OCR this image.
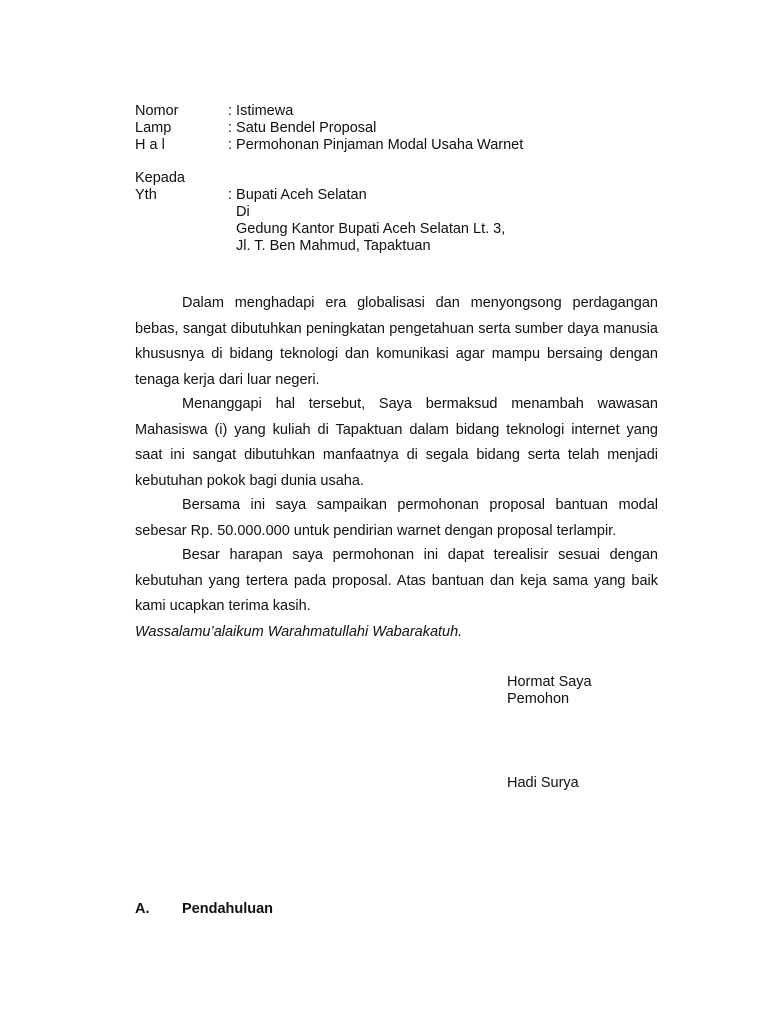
Nomor	: Istimewa
Lamp	: Satu Bendel Proposal
H a l	: Permohonan Pinjaman Modal Usaha Warnet
Kepada
Yth	: Bupati Aceh Selatan
Di
Gedung Kantor Bupati Aceh Selatan Lt. 3,
Jl. T. Ben Mahmud, Tapaktuan

Dalam menghadapi era globalisasi dan menyongsong perdagangan bebas, sangat dibutuhkan peningkatan pengetahuan serta sumber daya manusia khususnya di bidang teknologi dan komunikasi agar mampu bersaing dengan tenaga kerja dari luar negeri.

Menanggapi hal tersebut, Saya bermaksud menambah wawasan Mahasiswa (i) yang kuliah di Tapaktuan dalam bidang teknologi internet yang saat ini sangat dibutuhkan manfaatnya di segala bidang serta telah menjadi kebutuhan pokok bagi dunia usaha.

Bersama ini saya sampaikan permohonan proposal bantuan modal sebesar Rp. 50.000.000 untuk pendirian warnet dengan proposal terlampir.

Besar harapan saya permohonan ini dapat terealisir sesuai dengan kebutuhan yang tertera pada proposal. Atas bantuan dan keja sama yang baik kami ucapkan terima kasih.

Wassalamu’alaikum Warahmatullahi Wabarakatuh.
Hormat Saya
Pemohon
Hadi Surya
A. Pendahuluan
